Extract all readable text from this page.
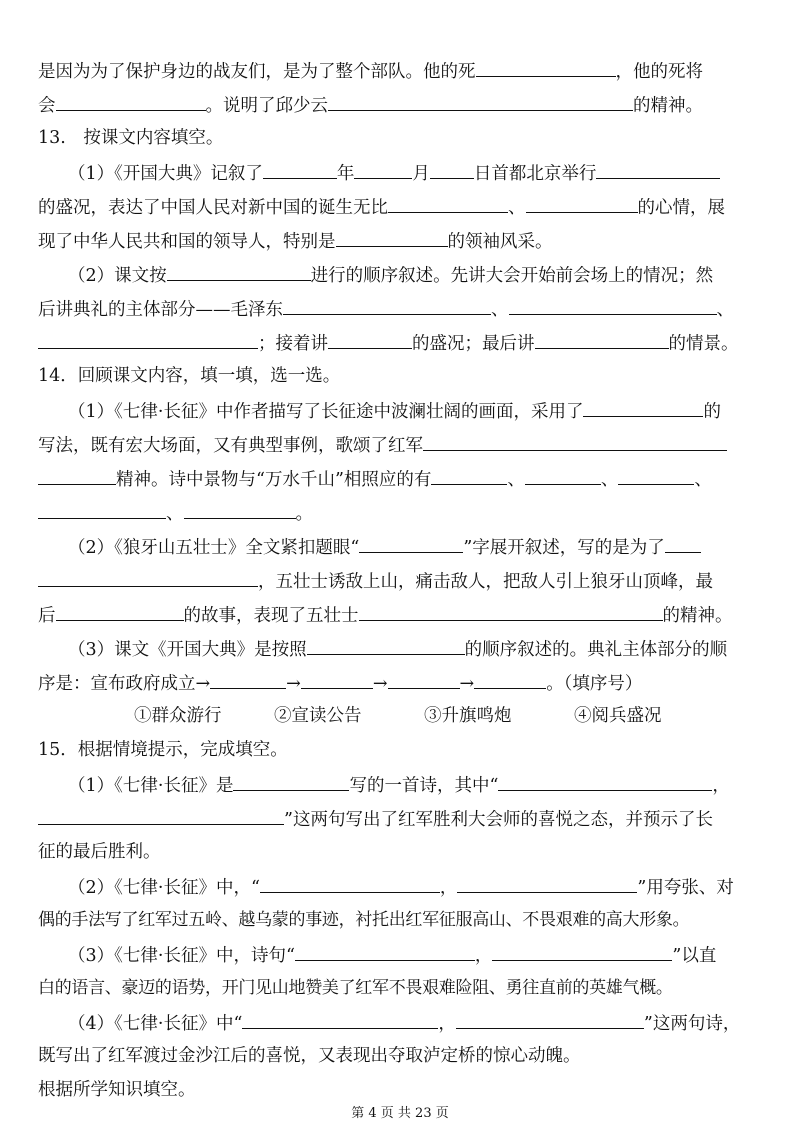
是因为为了保护身边的战友们，是为了整个部队。他的死	，他的死将
会	。说明了邱少云	的精神。
13.　按课文内容填空。
（1）《开国大典》记叙了	年	月	日首都北京举行
的盛况，表达了中国人民对新中国的诞生无比	、	的心情，展
现了中华人民共和国的领导人，特别是	的领袖风采。
（2）课文按	进行的顺序叙述。先讲大会开始前会场上的情况；然
后讲典礼的主体部分——毛泽东	、	、
；接着讲	的盛况；最后讲	的情景。
14．回顾课文内容，填一填，选一选。
（1）《七律·长征》中作者描写了长征途中波澜壮阔的画面，采用了	的
写法，既有宏大场面，又有典型事例，歌颂了红军
精神。诗中景物与“万水千山”相照应的有	、	、	、
、	。
（2）《狼牙山五壮士》全文紧扣题眼“	”字展开叙述，写的是为了
，五壮士诱敌上山，痛击敌人，把敌人引上狼牙山顶峰，最
后	的故事，表现了五壮士	的精神。
（3）课文《开国大典》是按照	的顺序叙述的。典礼主体部分的顺
序是：宣布政府成立→	→	→	→	。（填序号）
①群众游行	②宣读公告	③升旗鸣炮	④阅兵盛况
15．根据情境提示，完成填空。
（1）《七律·长征》是	写的一首诗，其中“	，
”这两句写出了红军胜利大会师的喜悦之态，并预示了长
征的最后胜利。
（2）《七律·长征》中，“	，	”用夸张、对
偶的手法写了红军过五岭、越乌蒙的事迹，衬托出红军征服高山、不畏艰难的高大形象。
（3）《七律·长征》中，诗句“	，	”以直
白的语言、豪迈的语势，开门见山地赞美了红军不畏艰难险阻、勇往直前的英雄气概。
（4）《七律·长征》中“	，	”这两句诗，
既写出了红军渡过金沙江后的喜悦，又表现出夺取泸定桥的惊心动魄。
根据所学知识填空。
第 4 页 共 23 页
